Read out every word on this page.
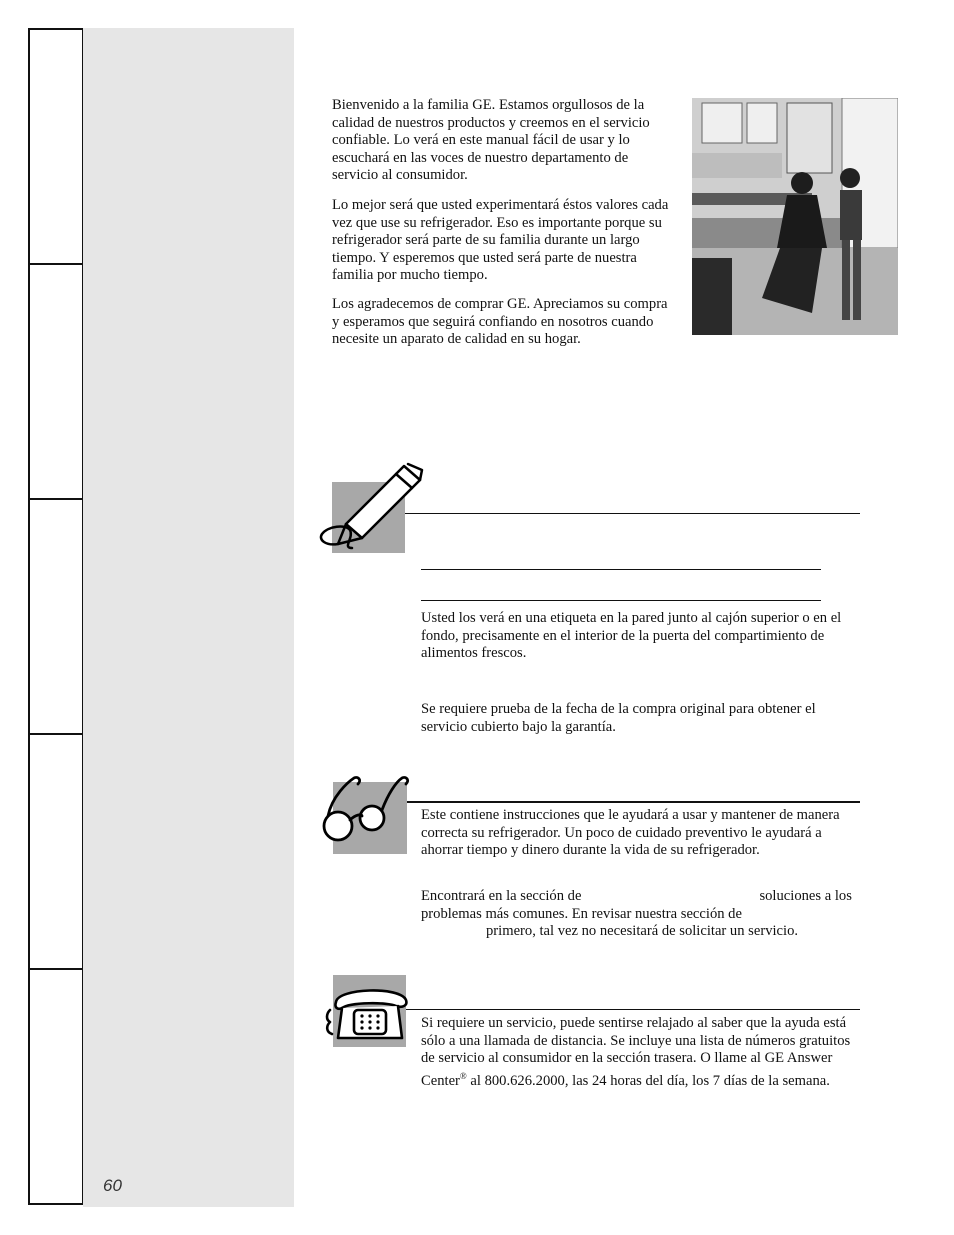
60

Bienvenido a la familia GE. Estamos orgullosos de la calidad de nuestros productos y creemos en el servicio confiable. Lo verá en este manual fácil de usar y lo escuchará en las voces de nuestro departamento de servicio al consumidor.

Lo mejor será que usted experimentará éstos valores cada vez que use su refrigerador. Eso es importante porque su refrigerador será parte de su familia durante un largo tiempo. Y esperemos que usted será parte de nuestra familia por mucho tiempo.

Los agradecemos de comprar GE. Apreciamos su compra y esperamos que seguirá confiando en nosotros cuando necesite un aparato de calidad en su hogar.

Usted los verá en una etiqueta en la pared junto al cajón superior o en el fondo, precisamente en el interior de la puerta del compartimiento de alimentos frescos.

Se requiere prueba de la fecha de la compra original para obtener el servicio cubierto bajo la garantía.

Este contiene instrucciones que le ayudará a usar y mantener de manera correcta su refrigerador. Un poco de cuidado preventivo le ayudará a ahorrar tiempo y dinero durante la vida de su refrigerador.

Encontrará en la sección de	soluciones a los problemas más comunes. En revisar nuestra sección de
primero, tal vez no necesitará de solicitar un servicio.

Si requiere un servicio, puede sentirse relajado al saber que la ayuda está sólo a una llamada de distancia. Se incluye una lista de números gratuitos de servicio al consumidor en la sección trasera. O llame al GE Answer Center® al 800.626.2000, las 24 horas del día, los 7 días de la semana.
